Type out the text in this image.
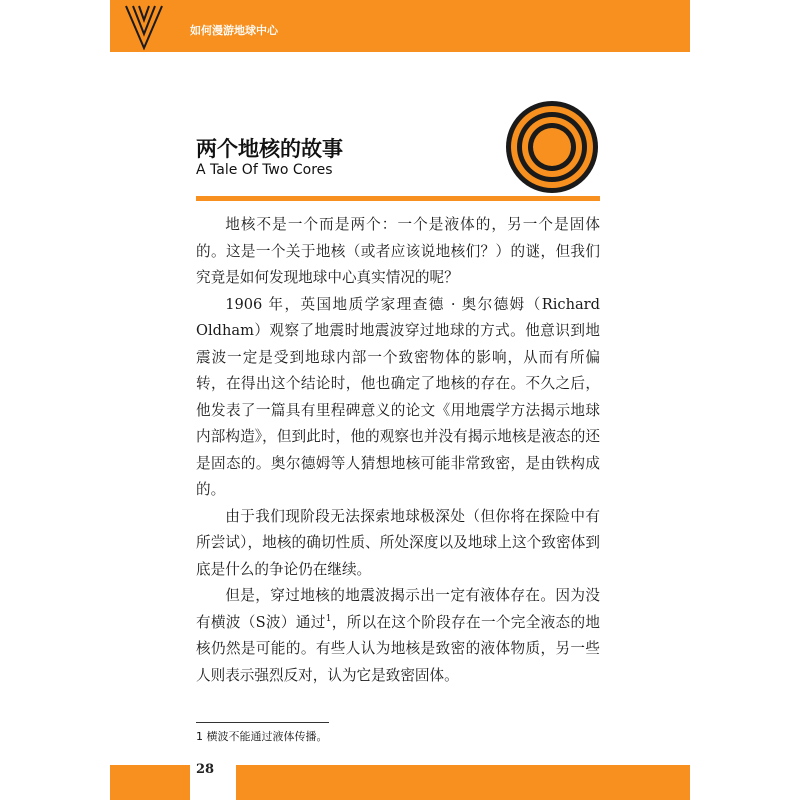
如何漫游地球中心
两个地核的故事
A Tale Of Two Cores

地核不是一个而是两个：一个是液体的，另一个是固体的。这是一个关于地核（或者应该说地核们？）的谜，但我们究竟是如何发现地球中心真实情况的呢？

1906 年，英国地质学家理查德 · 奥尔德姆（Richard Oldham）观察了地震时地震波穿过地球的方式。他意识到地震波一定是受到地球内部一个致密物体的影响，从而有所偏转，在得出这个结论时，他也确定了地核的存在。不久之后，他发表了一篇具有里程碑意义的论文《用地震学方法揭示地球内部构造》，但到此时，他的观察也并没有揭示地核是液态的还是固态的。奥尔德姆等人猜想地核可能非常致密，是由铁构成的。

由于我们现阶段无法探索地球极深处（但你将在探险中有所尝试），地核的确切性质、所处深度以及地球上这个致密体到底是什么的争论仍在继续。

但是，穿过地核的地震波揭示出一定有液体存在。因为没有横波（S波）通过$^1$，所以在这个阶段存在一个完全液态的地核仍然是可能的。有些人认为地核是致密的液体物质，另一些人则表示强烈反对，认为它是致密固体。

1 横波不能通过液体传播。
28
